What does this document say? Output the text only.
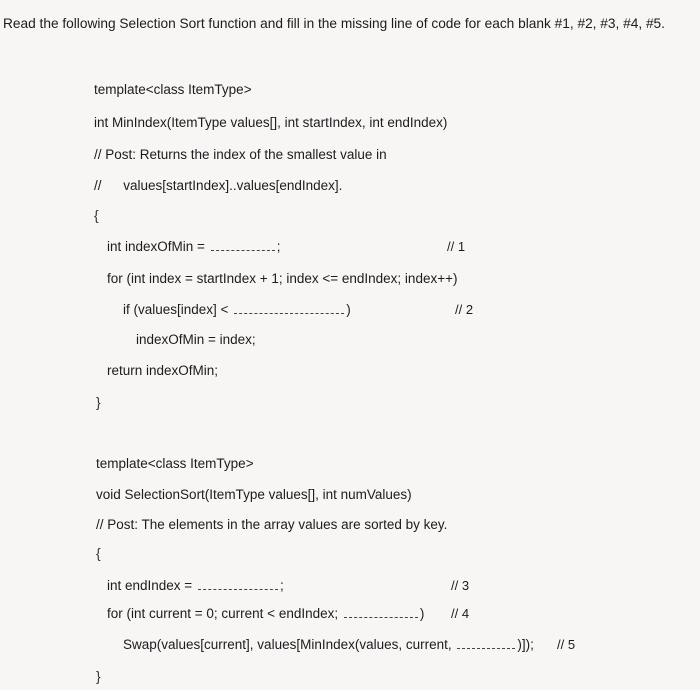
Read the following Selection Sort function and fill in the missing line of code for each blank #1, #2, #3, #4, #5.
template<class ItemType>
int MinIndex(ItemType values[], int startIndex, int endIndex)
// Post: Returns the index of the smallest value in
// values[startIndex]..values[endIndex].
{
int indexOfMin =	;	// 1
for (int index = startIndex + 1; index <= endIndex; index++)
if (values[index] <	)	// 2
indexOfMin = index;
return indexOfMin;
}
template<class ItemType>
void SelectionSort(ItemType values[], int numValues)
// Post: The elements in the array values are sorted by key.
{
int endIndex =	;	// 3
for (int current = 0; current < endIndex;	) // 4
Swap(values[current], values[MinIndex(values, current,	)]); // 5
}
